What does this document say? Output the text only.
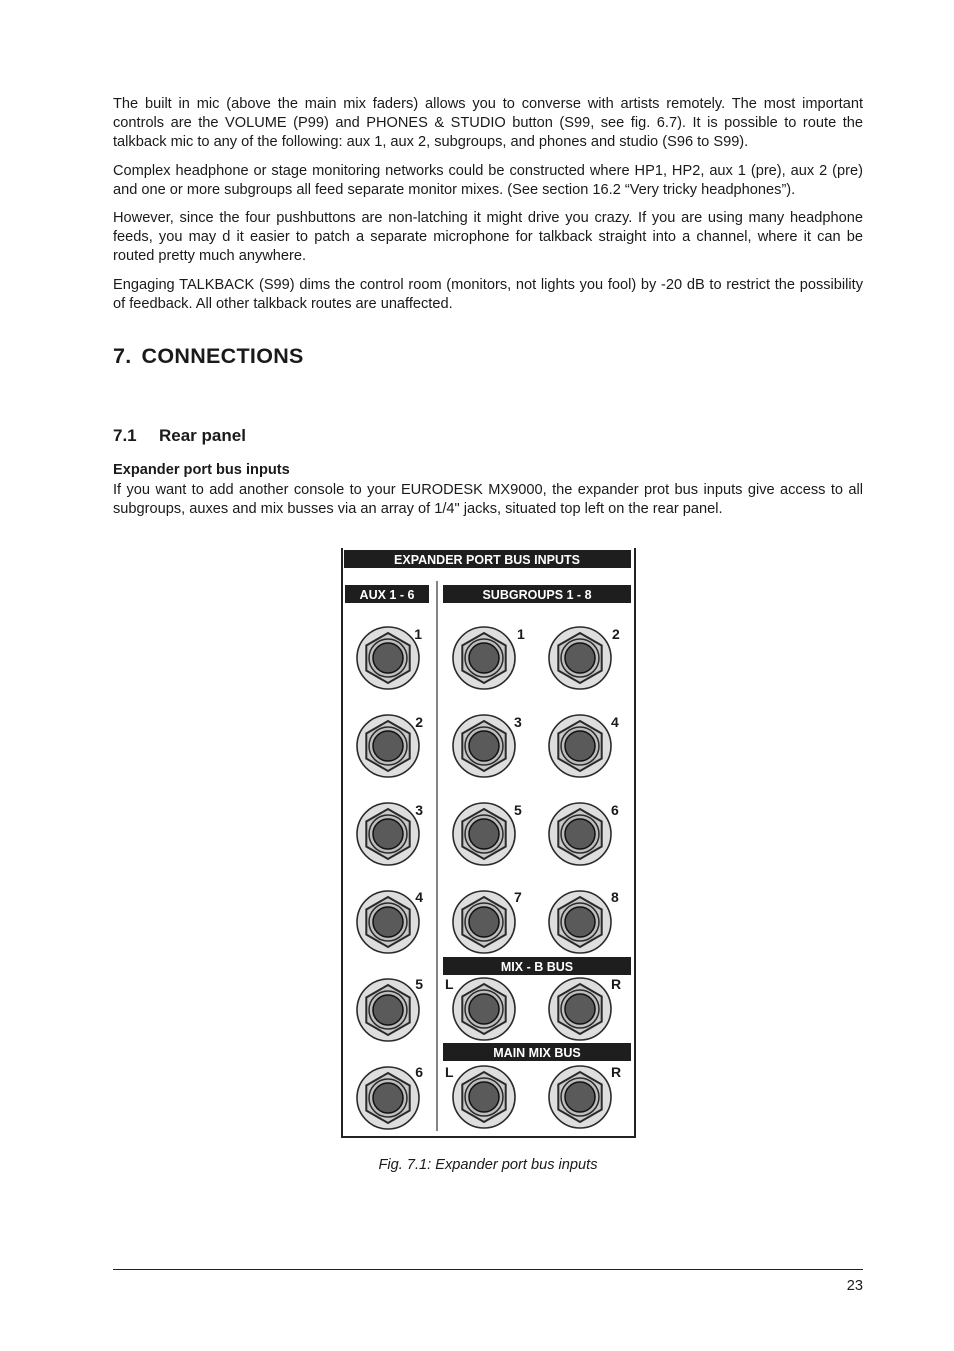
The built in mic (above the main mix faders) allows you to converse with artists remotely. The most important controls are the VOLUME (P99) and PHONES & STUDIO button (S99, see fig. 6.7). It is possible to route the talkback mic to any of the following: aux 1, aux 2, subgroups, and phones and studio (S96 to S99).

Complex headphone or stage monitoring networks could be constructed where HP1, HP2, aux 1 (pre), aux 2 (pre) and one or more subgroups all feed separate monitor mixes. (See section 16.2 “Very tricky headphones”).

However, since the four pushbuttons are non-latching it might drive you crazy. If you are using many headphone feeds, you may d it easier to patch a separate microphone for talkback straight into a channel, where it can be routed pretty much anywhere.

Engaging TALKBACK (S99) dims the control room (monitors, not lights you fool) by -20 dB to restrict the possibility of feedback. All other talkback routes are unaffected.

7. CONNECTIONS
7.1 Rear panel
Expander port bus inputs

If you want to add another console to your EURODESK MX9000, the expander prot bus inputs give access to all subgroups, auxes and mix busses via an array of 1/4" jacks, situated top left on the rear panel.

EXPANDER PORT BUS INPUTS
AUX 1 - 6	SUBGROUPS 1 - 8
MIX - B BUS
MAIN MIX BUS
1
2
3
4
5
6
1	2
3	4
5	6
7	8
L	R
L	R
Fig. 7.1: Expander port bus inputs
23
